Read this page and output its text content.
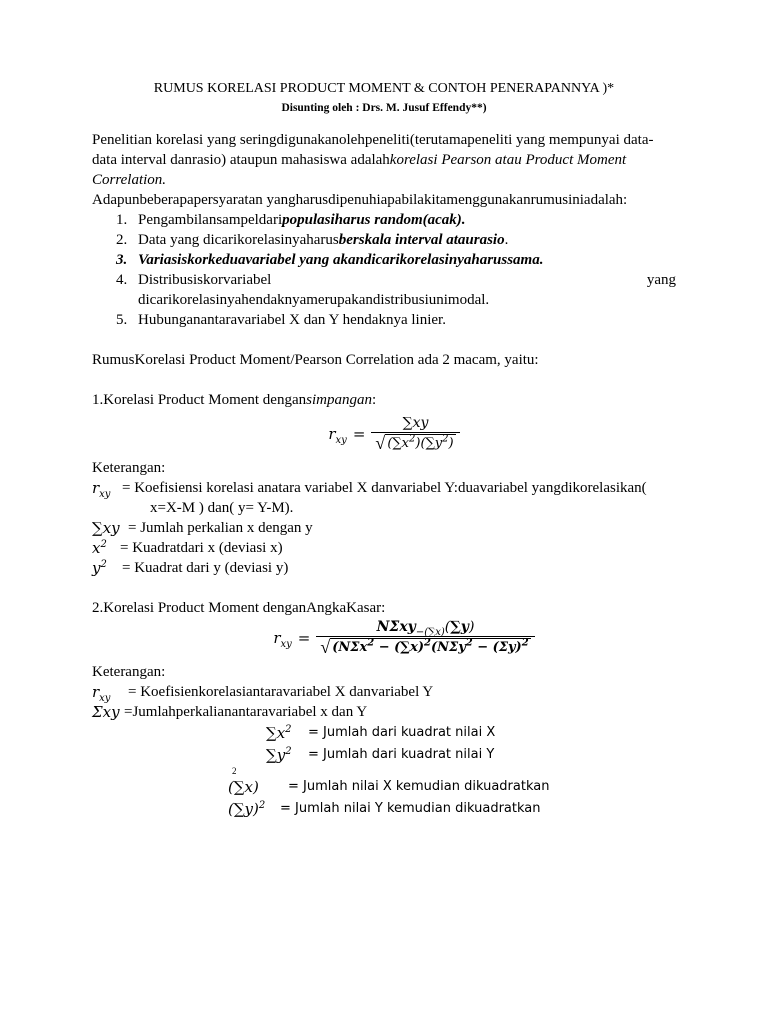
RUMUS KORELASI PRODUCT MOMENT & CONTOH PENERAPANNYA )*

Disunting oleh : Drs. M. Jusuf Effendy**)

Penelitian korelasi yang seringdigunakanolehpeneliti(terutamapeneliti yang mempunyai data-

data interval danrasio) ataupun mahasiswa adalahkorelasi Pearson atau Product Moment

Correlation.

Adapunbeberapapersyaratan yangharusdipenuhiapabilakitamenggunakanrumusiniadalah:

1. Pengambilansampeldaripopulasiharus random(acak).
2. Data yang dicarikorelasinyaharusberskala interval ataurasio.
3. Variasiskorkeduavariabel yang akandicarikorelasinyaharussama.
4. Distribusiskorvariabel	yang
dicarikorelasinyahendaknyamerupakandistribusiunimodal.
5. Hubunganantaravariabel X dan Y hendaknya linier.

RumusKorelasi Product Moment/Pearson Correlation ada 2 macam, yaitu:

1.Korelasi Product Moment dengansimpangan:

$r_{xy} = \frac{\sum xy}{√ (\sum x^2)(\sum y^2)}$

Keterangan:

$r_{xy}$ = Koefisiensi korelasi anatara variabel X danvariabel Y:duavariabel yangdikorelasikan(

x=X-M ) dan( y= Y-M).

∑xy = Jumlah perkalian x dengan y
$x^2$ = Kuadratdari x (deviasi x)
$y^2$	= Kuadrat dari y (deviasi y)

2.Korelasi Product Moment denganAngkaKasar:

$r_{xy} = \frac{N\Sigma xy_{-(\sum x)}(\sum y)}{√ (N\Sigma x^2 - (\sum x)^2(N\Sigma y^2 - (\Sigma y)^2}$

Keterangan:

$r_{xy}$	= Koefisienkorelasiantaravariabel X danvariabel Y
Σxy =Jumlahperkalianantaravariabel x dan Y
$\sum x^2$	= Jumlah dari kuadrat nilai X
$\sum y^2$	= Jumlah dari kuadrat nilai Y
2
(∑x)	= Jumlah nilai X kemudian dikuadratkan
$(\sum y)^2$	= Jumlah nilai Y kemudian dikuadratkan
